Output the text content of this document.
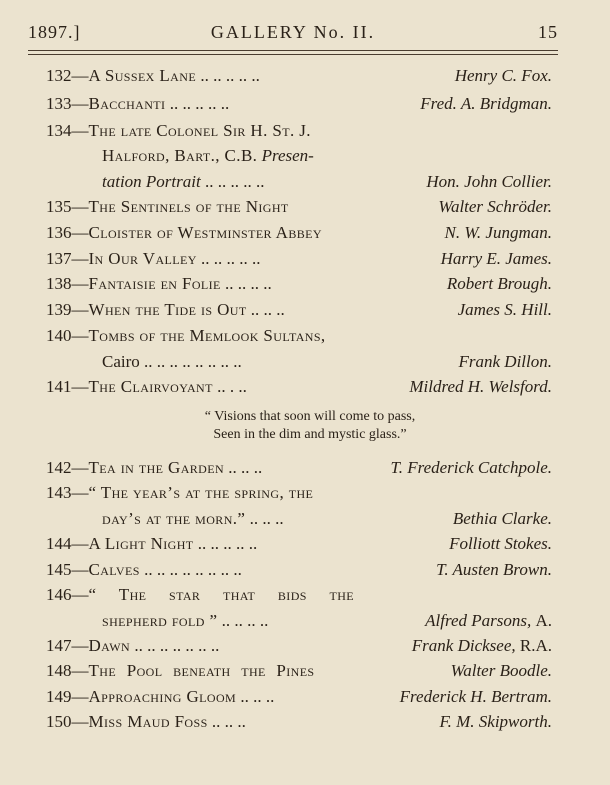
1897.]	GALLERY No. II.	15
132—A Sussex Lane .. .. .. .. ..	Henry C. Fox.
133—Bacchanti .. .. .. .. ..	Fred. A. Bridgman.
134—The late Colonel Sir H. St. J.
Halford, Bart., C.B. Presen-
tation Portrait .. .. .. .. ..	Hon. John Collier.
135—The Sentinels of the Night	Walter Schröder.
136—Cloister of Westminster Abbey	N. W. Jungman.
137—In Our Valley .. .. .. .. ..	Harry E. James.
138—Fantaisie en Folie .. .. .. ..	Robert Brough.
139—When the Tide is Out .. .. ..	James S. Hill.
140—Tombs of the Memlook Sultans,
Cairo .. .. .. .. .. .. .. ..	Frank Dillon.
141—The Clairvoyant .. . ..	Mildred H. Welsford.
“ Visions that soon will come to pass,
Seen in the dim and mystic glass.”
142—Tea in the Garden .. .. ..	T. Frederick Catchpole.
143—“ The year’s at the spring, the
day’s at the morn.” .. .. ..	Bethia Clarke.
144—A Light Night .. .. .. .. ..	Folliott Stokes.
145—Calves .. .. .. .. .. .. .. ..	T. Austen Brown.
146—“ The star that bids the
shepherd fold ” .. .. .. ..	Alfred Parsons, A.
147—Dawn .. .. .. .. .. .. ..	Frank Dicksee, R.A.
148—The Pool beneath the Pines	Walter Boodle.
149—Approaching Gloom .. .. ..	Frederick H. Bertram.
150—Miss Maud Foss .. .. ..	F. M. Skipworth.
